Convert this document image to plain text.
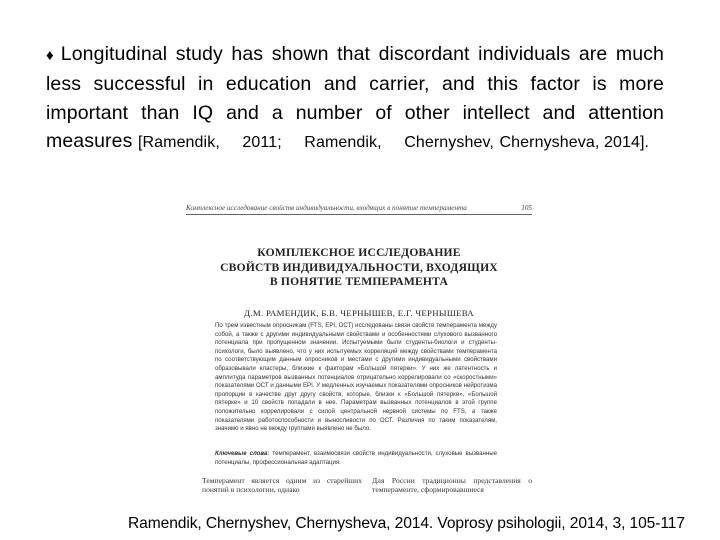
♦ Longitudinal study has shown that discordant individuals are much less successful in education and carrier, and this factor is more important than IQ and a number of other intellect and attention measures [Ramendik, 2011; Ramendik, Chernyshev, Chernysheva, 2014].
Комплексное исследование свойств индивидуальности, входящих в понятие темперамента	105
КОМПЛЕКСНОЕ ИССЛЕДОВАНИЕ
СВОЙСТВ ИНДИВИДУАЛЬНОСТИ, ВХОДЯЩИХ
В ПОНЯТИЕ ТЕМПЕРАМЕНТА
Д.М. РАМЕНДИК, Б.В. ЧЕРНЫШЕВ, Е.Г. ЧЕРНЫШЕВА
По трем известным опросникам (FTS, EPI, ОСТ) исследованы связи свойств темперамента между собой, а также с другими индивидуальными свойствами и особенностями слухового вызванного потенциала при пропущенном значении. Испытуемыми были студенты-биологи и студенты-психологи, было выявлено, что у них испытуемых корреляций между свойствами темперамента по соответствующим данным опросников и местами с другими индивидуальными свойствами образовывали кластеры, близкие к факторам «Большой пятерки». У них же латентность и амплитуда параметров вызванных потенциалов отрицательно коррелировали со «скоростными» показателями ОСТ и данными EPI. У медленных изучаемых показателями опросников нейротизма пропорции в качестве друг другу свойств, которые, близки к «Большой пятерке», «Большой пятерке» и 10 свойств попадали в нее. Параметрам вызванных потенциалов в этой группе положительно коррелировали с силой центральной нервной системы по FTS, а также показателями работоспособности и выносливости по ОСТ. Различия по таким показателям, значимо и явно не между группами выявлено не было.
Ключевые слова: темперамент, взаимосвязи свойств индивидуальности, слуховые вызванные потенциалы, профессиональная адаптация.
Темперамент является одним из старейших понятий в психологии, однако
Для России традиционны представления о темпераменте, сформировавшиеся
Ramendik, Chernyshev, Chernysheva, 2014. Voprosy psihologii, 2014, 3, 105-117
